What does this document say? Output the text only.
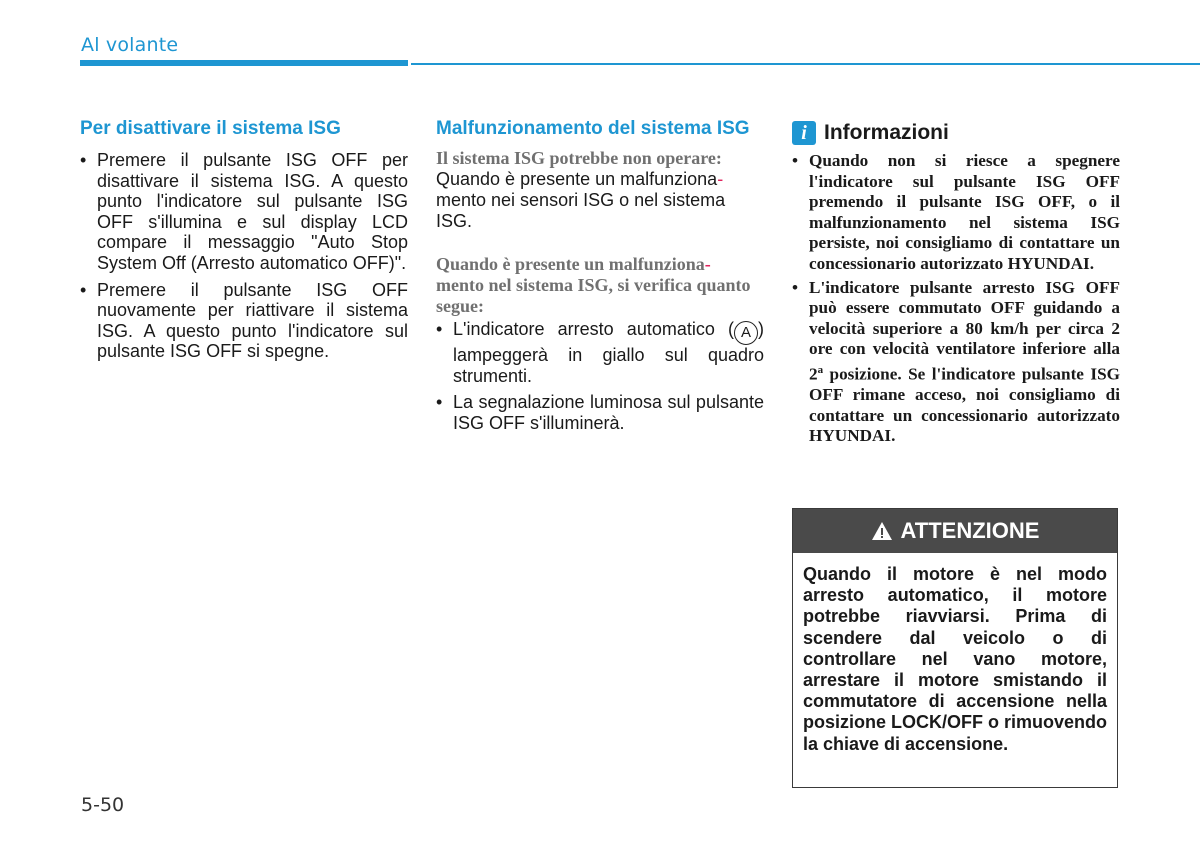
Al volante
Per disattivare il sistema ISG
• Premere il pulsante ISG OFF per disattivare il sistema ISG. A questo punto l'indicatore sul pulsante ISG OFF s'illumina e sul display LCD compare il messaggio "Auto Stop System Off (Arresto automatico OFF)".
• Premere il pulsante ISG OFF nuovamente per riattivare il sistema ISG. A questo punto l'indicatore sul pulsante ISG OFF si spegne.
Malfunzionamento del sistema ISG

Il sistema ISG potrebbe non operare:

Quando è presente un malfunziona-
mento nei sensori ISG o nel sistema ISG.

Quando è presente un malfunziona-
mento nel sistema ISG, si verifica quanto segue:

• L'indicatore arresto automatico ( A ) lampeggerà in giallo sul quadro strumenti.
• La segnalazione luminosa sul pulsante ISG OFF s'illuminerà.
i Informazioni
• Quando non si riesce a spegnere l'indicatore sul pulsante ISG OFF premendo il pulsante ISG OFF, o il malfunzionamento nel sistema ISG persiste, noi consigliamo di contattare un concessionario autorizzato HYUNDAI.
• L'indicatore pulsante arresto ISG OFF può essere commutato OFF guidando a velocità superiore a 80 km/h per circa 2 ore con velocità ventilatore inferiore alla 2$^a$ posizione. Se l'indicatore pulsante ISG OFF rimane acceso, noi consigliamo di contattare un concessionario autorizzato HYUNDAI.
ATTENZIONE
Quando il motore è nel modo arresto automatico, il motore potrebbe riavviarsi. Prima di scendere dal veicolo o di controllare nel vano motore, arrestare il motore smistando il commutatore di accensione nella posizione LOCK/OFF o rimuovendo la chiave di accensione.
5-50
